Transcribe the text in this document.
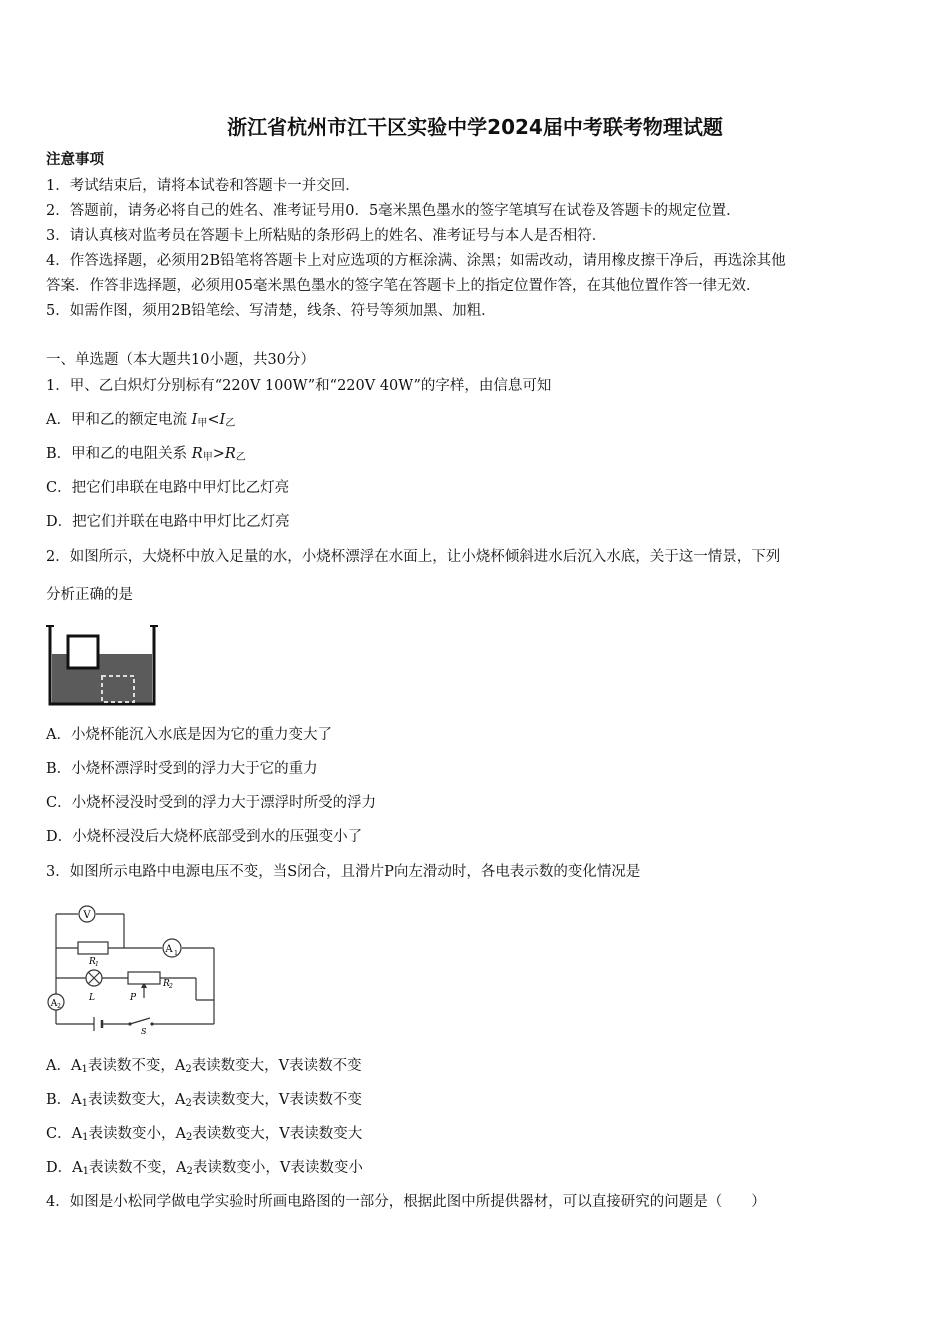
浙江省杭州市江干区实验中学2024届中考联考物理试题
注意事项
1．考试结束后，请将本试卷和答题卡一并交回．
2．答题前，请务必将自己的姓名、准考证号用0．5毫米黑色墨水的签字笔填写在试卷及答题卡的规定位置．
3．请认真核对监考员在答题卡上所粘贴的条形码上的姓名、准考证号与本人是否相符．
4．作答选择题，必须用2B铅笔将答题卡上对应选项的方框涂满、涂黑；如需改动，请用橡皮擦干净后，再选涂其他
答案．作答非选择题，必须用05毫米黑色墨水的签字笔在答题卡上的指定位置作答，在其他位置作答一律无效．
5．如需作图，须用2B铅笔绘、写清楚，线条、符号等须加黑、加粗．
一、单选题（本大题共10小题，共30分）
1．甲、乙白炽灯分别标有“220V 100W”和“220V 40W”的字样，由信息可知
A．甲和乙的额定电流 $I_甲<I_乙$
B．甲和乙的电阻关系 $R_甲>R_乙$
C．把它们串联在电路中甲灯比乙灯亮
D．把它们并联在电路中甲灯比乙灯亮
2．如图所示，大烧杯中放入足量的水，小烧杯漂浮在水面上，让小烧杯倾斜进水后沉入水底，关于这一情景，下列
分析正确的是
A．小烧杯能沉入水底是因为它的重力变大了
B．小烧杯漂浮时受到的浮力大于它的重力
C．小烧杯浸没时受到的浮力大于漂浮时所受的浮力
D．小烧杯浸没后大烧杯底部受到水的压强变小了
3．如图所示电路中电源电压不变，当S闭合，且滑片P向左滑动时，各电表示数的变化情况是
V
A 1
A 2
R 1
R 2
L	P
S
A．$A_1$表读数不变，$A_2$表读数变大，V表读数不变
B．$A_1$表读数变大，$A_2$表读数变大，V表读数不变
C．$A_1$表读数变小，$A_2$表读数变大，V表读数变大
D．$A_1$表读数不变，$A_2$表读数变小，V表读数变小
4．如图是小松同学做电学实验时所画电路图的一部分，根据此图中所提供器材，可以直接研究的问题是（　　）
